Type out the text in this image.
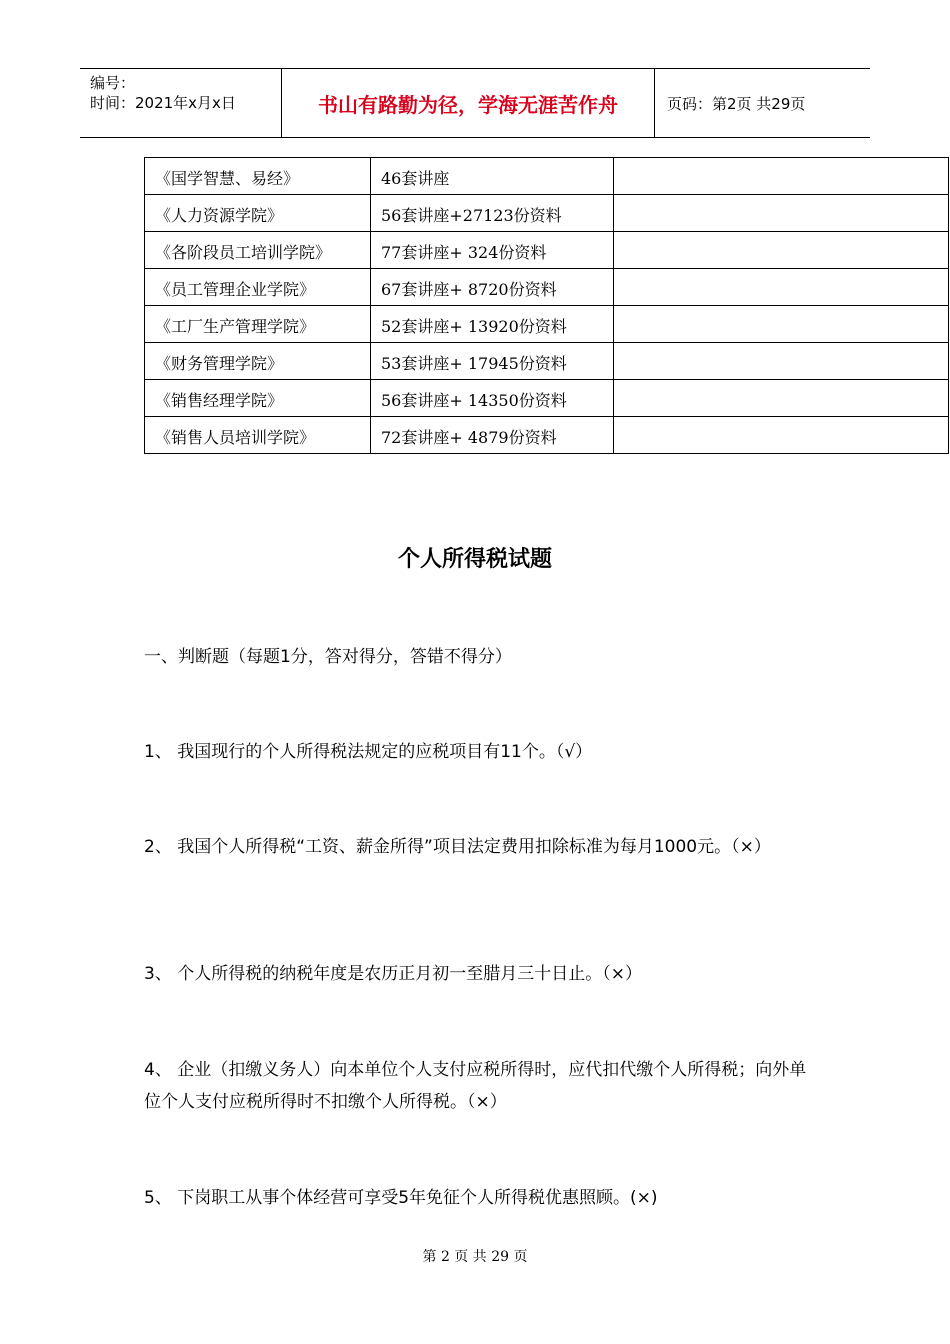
编号：
时间：2021年x月x日	书山有路勤为径，学海无涯苦作舟	页码：第2页 共29页
《国学智慧、易经》	46套讲座	
《人力资源学院》	56套讲座+27123份资料	
《各阶段员工培训学院》	77套讲座+ 324份资料	
《员工管理企业学院》	67套讲座+ 8720份资料	
《工厂生产管理学院》	52套讲座+ 13920份资料	
《财务管理学院》	53套讲座+ 17945份资料	
《销售经理学院》	56套讲座+ 14350份资料	
《销售人员培训学院》	72套讲座+ 4879份资料	
个人所得税试题
一、判断题（每题1分，答对得分，答错不得分）
1、 我国现行的个人所得税法规定的应税项目有11个。（√）
2、 我国个人所得税“工资、薪金所得”项目法定费用扣除标准为每月1000元。（×）
3、 个人所得税的纳税年度是农历正月初一至腊月三十日止。（×）
4、 企业（扣缴义务人）向本单位个人支付应税所得时，应代扣代缴个人所得税；向外单位个人支付应税所得时不扣缴个人所得税。（×）
5、 下岗职工从事个体经营可享受5年免征个人所得税优惠照顾。(×)
第 2 页 共 29 页
